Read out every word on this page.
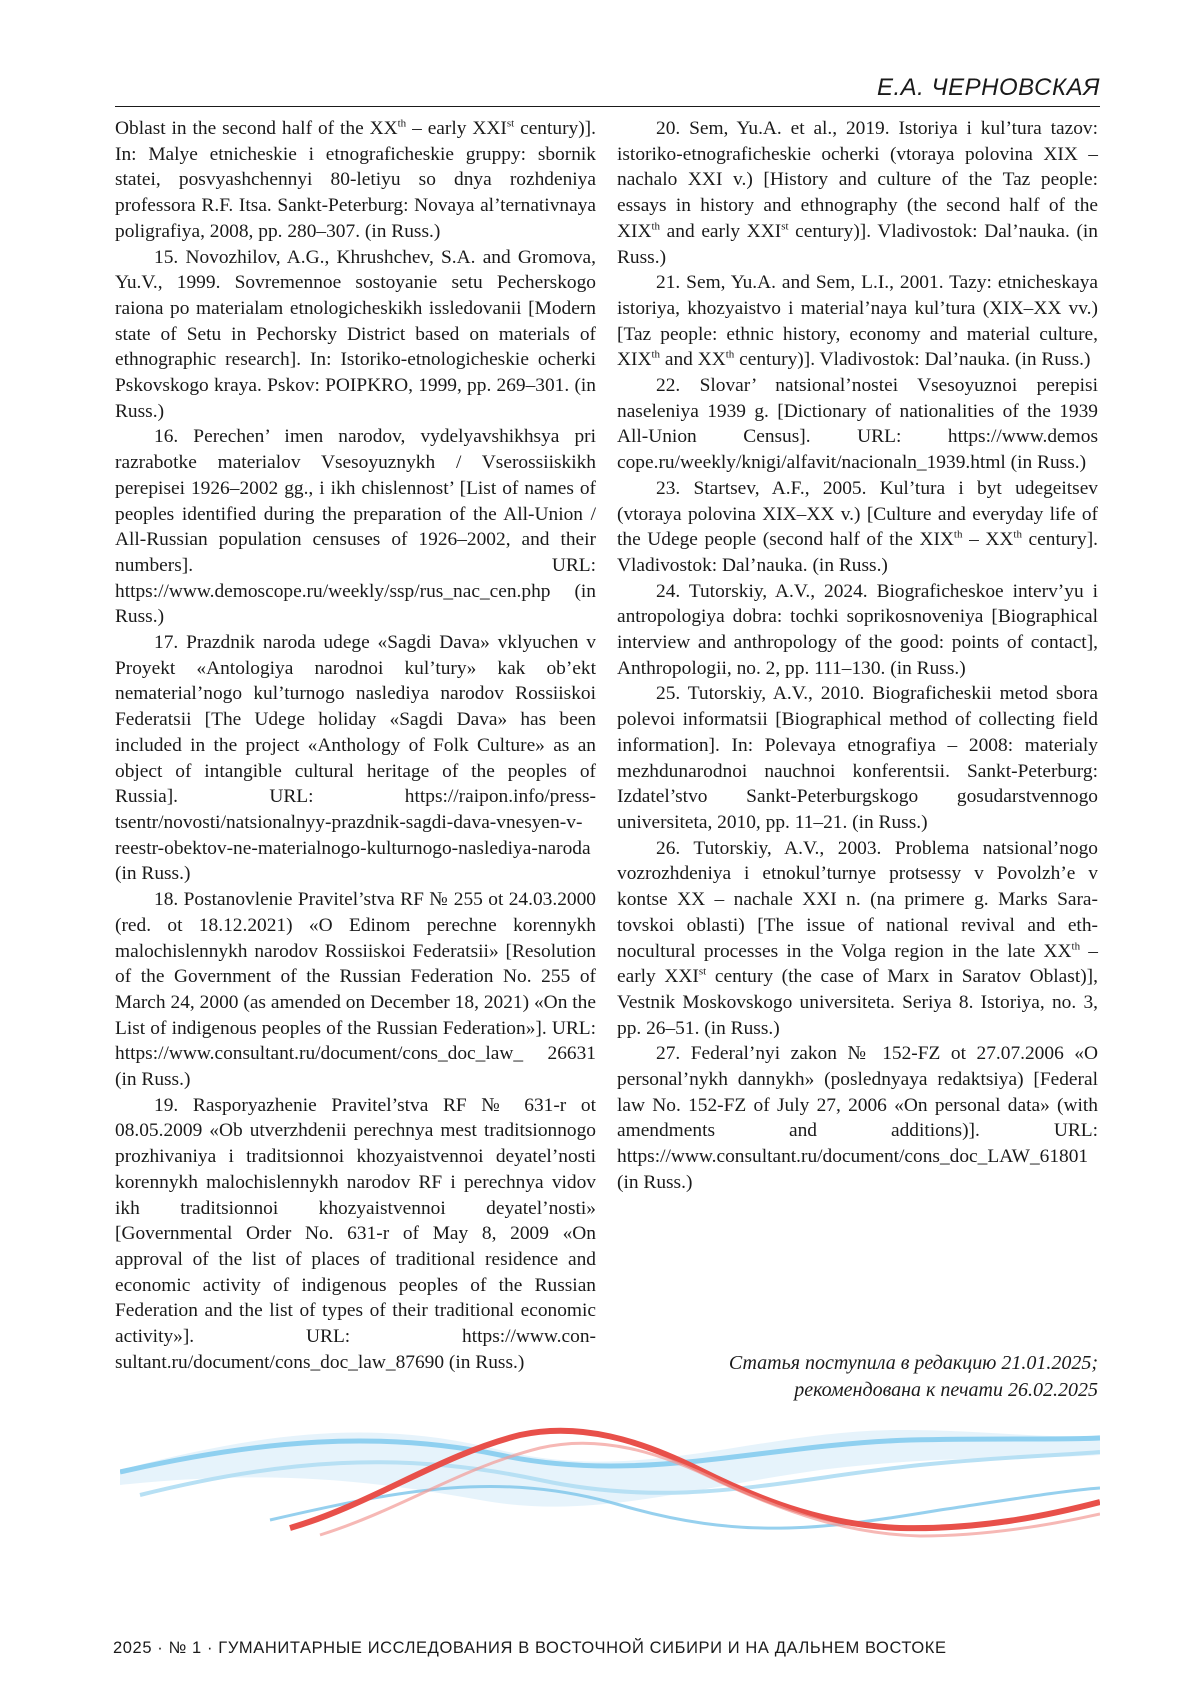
Е.А. ЧЕРНОВСКАЯ

Oblast in the second half of the XXth – early XXIst century)]. In: Malye etnicheskie i etnograficheskie gruppy: sbornik statei, posvyashchennyi 80-letiyu so dnya rozhdeniya professora R.F. Itsa. Sankt-Peterburg: Novaya al’ternativnaya poligrafiya, 2008, pp. 280–307. (in Russ.)

15. Novozhilov, A.G., Khrushchev, S.A. and Gromova, Yu.V., 1999. Sovremennoe sostoyanie setu Pecherskogo raiona po materialam etnologicheskikh issledovanii [Modern state of Setu in Pechorsky District based on materials of ethnographic research]. In: Istoriko-etnologicheskie ocherki Pskovskogo kraya. Pskov: POIPKRO, 1999, pp. 269–301. (in Russ.)

16. Perechen’ imen narodov, vydelyavshikhsya pri razrabotke materialov Vsesoyuznykh / Vserossiiskikh perepisei 1926–2002 gg., i ikh chislennost’ [List of names of peoples identified during the preparation of the All-Union / All-Russian population censuses of 1926–2002, and their numbers]. URL: https://www.demoscope.ru/weekly/ssp/rus_nac_cen.php (in Russ.)

17. Prazdnik naroda udege «Sagdi Dava» vklyuchen v Proyekt «Antologiya narodnoi kul’tury» kak ob’ekt nematerial’nogo kul’turnogo naslediya narodov Rossiiskoi Federatsii [The Udege holiday «Sagdi Dava» has been included in the project «Anthology of Folk Culture» as an object of intangible cultural heritage of the peoples of Russia]. URL: https://raipon.info/press-tsentr/novosti/natsionalnyy-prazdnik-sagdi-dava-vnesyen-v-reestr-obektov-ne-materialnogo-kulturnogo-naslediya-naroda (in Russ.)

18. Postanovlenie Pravitel’stva RF № 255 ot 24.03.2000 (red. ot 18.12.2021) «O Edinom perechne korennykh malochislennykh narodov Rossiiskoi Federatsii» [Resolution of the Government of the Russian Federation No. 255 of March 24, 2000 (as amended on December 18, 2021) «On the List of indigenous peoples of the Russian Federation»]. URL: https://www.consultant.ru/document/cons_doc_law_ 26631 (in Russ.)

19. Rasporyazhenie Pravitel’stva RF № 631-r ot 08.05.2009 «Ob utverzhdenii perechnya mest traditsionnogo prozhivaniya i traditsionnoi khozyaistvennoi deyatel’nosti korennykh malochislennykh narodov RF i perechnya vidov ikh traditsionnoi khozyaistvennoi deyatel’nosti» [Governmental Order No. 631-r of May 8, 2009 «On approval of the list of places of traditional residence and economic activity of indigenous peoples of the Russian Federation and the list of types of their traditional economic activity»]. URL: https://www.consultant.ru/document/cons_doc_law_87690 (in Russ.)

20. Sem, Yu.A. et al., 2019. Istoriya i kul’tura tazov: istoriko-etnograficheskie ocherki (vtoraya polovina XIX – nachalo XXI v.) [History and culture of the Taz people: essays in history and ethnography (the second half of the XIXth and early XXIst century)]. Vladivostok: Dal’nauka. (in Russ.)

21. Sem, Yu.A. and Sem, L.I., 2001. Tazy: etnicheskaya istoriya, khozyaistvo i material’naya kul’tura (XIX–XX vv.) [Taz people: ethnic history, economy and material culture, XIXth and XXth century)]. Vladivostok: Dal’nauka. (in Russ.)

22. Slovar’ natsional’nostei Vsesoyuznoi perepisi naseleniya 1939 g. [Dictionary of nationalities of the 1939 All-Union Census]. URL: https://www.demos cope.ru/weekly/knigi/alfavit/nacionaln_1939.html (in Russ.)

23. Startsev, A.F., 2005. Kul’tura i byt udegeitsev (vtoraya polovina XIX–XX v.) [Culture and everyday life of the Udege people (second half of the XIXth – XXth century]. Vladivostok: Dal’nauka. (in Russ.)

24. Tutorskiy, A.V., 2024. Biograficheskoe interv’yu i antropologiya dobra: tochki soprikosnoveniya [Biographical interview and anthropology of the good: points of contact], Anthropologii, no. 2, pp. 111–130. (in Russ.)

25. Tutorskiy, A.V., 2010. Biograficheskii metod sbora polevoi informatsii [Biographical method of collecting field information]. In: Polevaya etnografiya – 2008: materialy mezhdunarodnoi nauchnoi konferentsii. Sankt-Peterburg: Izdatel’stvo Sankt-Peterburgskogo gosudarstvennogo universiteta, 2010, pp. 11–21. (in Russ.)

26. Tutorskiy, A.V., 2003. Problema natsional’nogo vozrozhdeniya i etnokul’turnye protsessy v Povolzh’e v kontse XX – nachale XXI n. (na primere g. Marks Saratovskoi oblasti) [The issue of national revival and ethnocultural processes in the Volga region in the late XXth – early XXIst century (the case of Marx in Saratov Oblast)], Vestnik Moskovskogo universiteta. Seriya 8. Istoriya, no. 3, pp. 26–51. (in Russ.)

27. Federal’nyi zakon № 152-FZ ot 27.07.2006 «O personal’nykh dannykh» (poslednyaya redaktsiya) [Federal law No. 152-FZ of July 27, 2006 «On personal data» (with amendments and additions)]. URL: https://www.consultant.ru/document/cons_doc_LAW_61801 (in Russ.)

Статья поступила в редакцию 21.01.2025;
рекомендована к печати 26.02.2025
2025 · № 1 · ГУМАНИТАРНЫЕ ИССЛЕДОВАНИЯ В ВОСТОЧНОЙ СИБИРИ И НА ДАЛЬНЕМ ВОСТОКЕ
